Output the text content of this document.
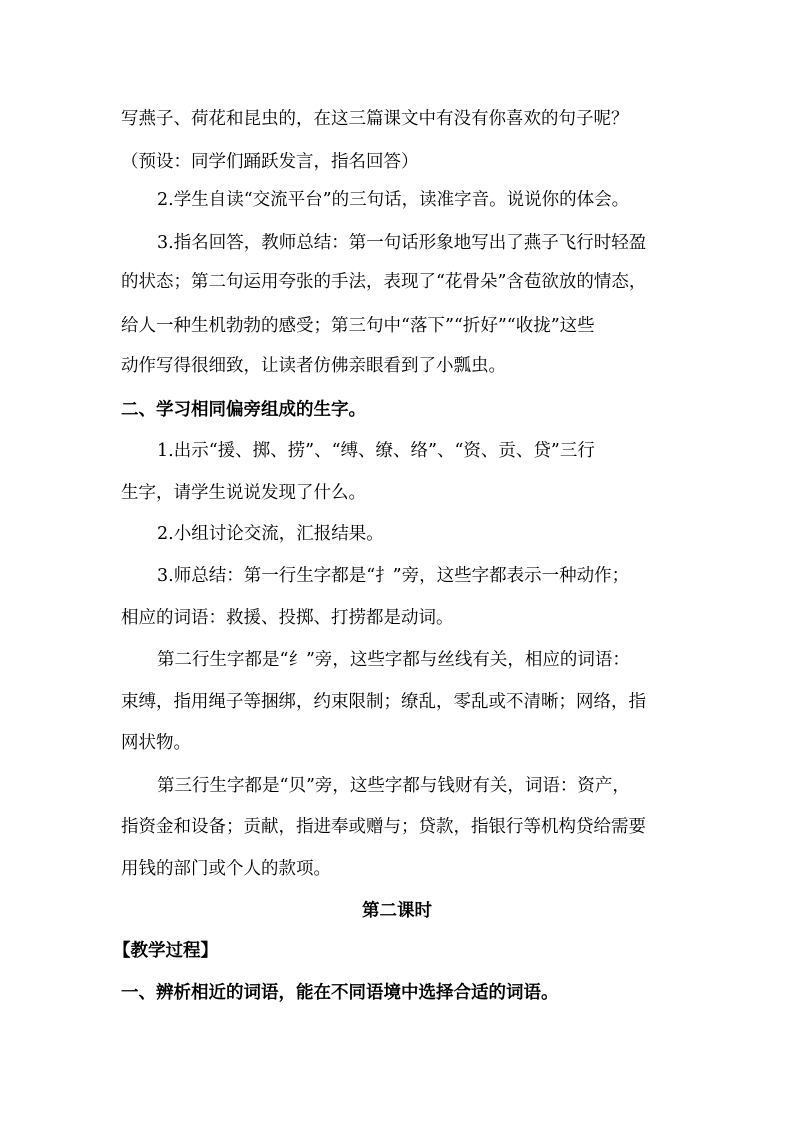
写燕子、荷花和昆虫的，在这三篇课文中有没有你喜欢的句子呢？
（预设：同学们踊跃发言，指名回答）
2.学生自读“交流平台”的三句话，读准字音。说说你的体会。
3.指名回答，教师总结：第一句话形象地写出了燕子飞行时轻盈
的状态；第二句运用夸张的手法，表现了“花骨朵”含苞欲放的情态，
给人一种生机勃勃的感受；第三句中“落下”“折好”“收拢”这些
动作写得很细致，让读者仿佛亲眼看到了小瓢虫。
二、学习相同偏旁组成的生字。
1.出示“援、掷、捞”、“缚、缭、络”、“资、贡、贷”三行
生字，请学生说说发现了什么。
2.小组讨论交流，汇报结果。
3.师总结：第一行生字都是“扌”旁，这些字都表示一种动作；
相应的词语：救援、投掷、打捞都是动词。
第二行生字都是“纟”旁，这些字都与丝线有关，相应的词语：
束缚，指用绳子等捆绑，约束限制；缭乱，零乱或不清晰；网络，指
网状物。
第三行生字都是“贝”旁，这些字都与钱财有关，词语：资产，
指资金和设备；贡献，指进奉或赠与；贷款，指银行等机构贷给需要
用钱的部门或个人的款项。
第二课时
【教学过程】
一、辨析相近的词语，能在不同语境中选择合适的词语。
